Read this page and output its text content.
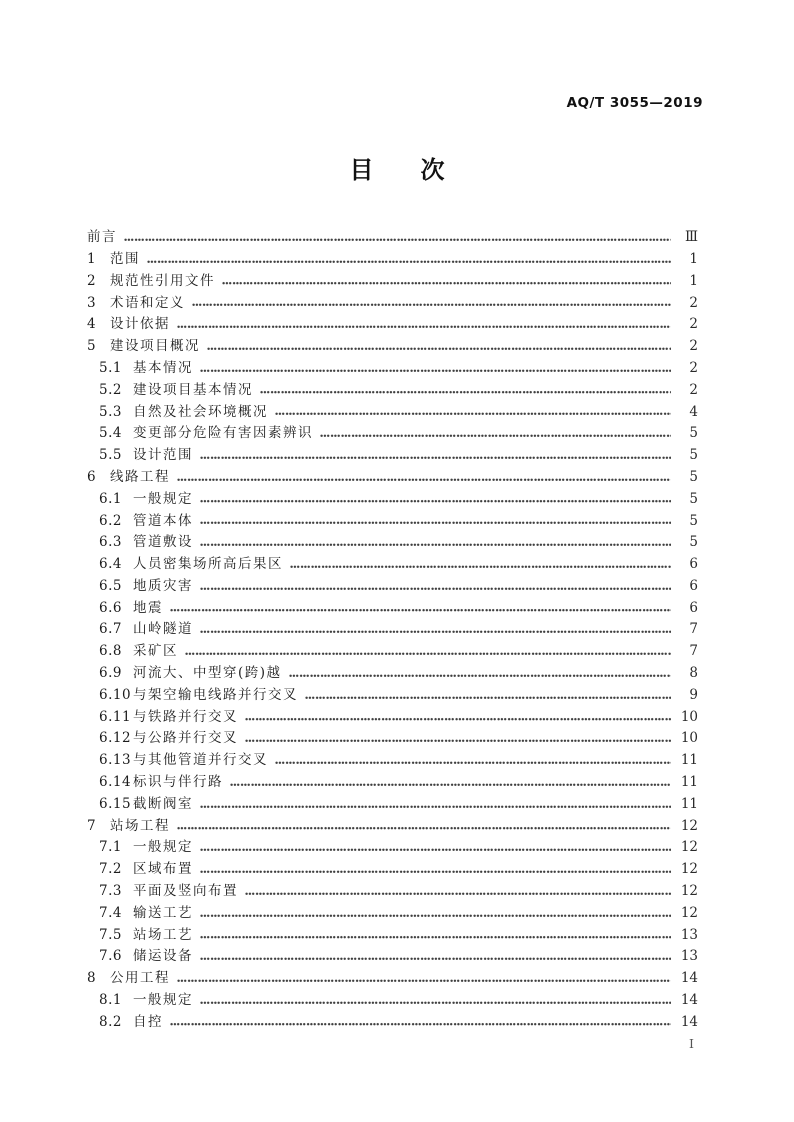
AQ/T 3055—2019
目 次
前言	Ⅲ
1	范围	1
2	规范性引用文件	1
3	术语和定义	2
4	设计依据	2
5	建设项目概况	2
5.1 基本情况	2
5.2 建设项目基本情况	2
5.3 自然及社会环境概况	4
5.4 变更部分危险有害因素辨识	5
5.5 设计范围	5
6	线路工程	5
6.1 一般规定	5
6.2 管道本体	5
6.3 管道敷设	5
6.4 人员密集场所高后果区	6
6.5 地质灾害	6
6.6 地震	6
6.7 山岭隧道	7
6.8 采矿区	7
6.9 河流大、中型穿(跨)越	8
6.10 与架空输电线路并行交叉	9
6.11 与铁路并行交叉	10
6.12 与公路并行交叉	10
6.13 与其他管道并行交叉	11
6.14 标识与伴行路	11
6.15 截断阀室	11
7	站场工程	12
7.1 一般规定	12
7.2 区域布置	12
7.3 平面及竖向布置	12
7.4 输送工艺	12
7.5 站场工艺	13
7.6 储运设备	13
8	公用工程	14
8.1 一般规定	14
8.2 自控	14
Ⅰ
